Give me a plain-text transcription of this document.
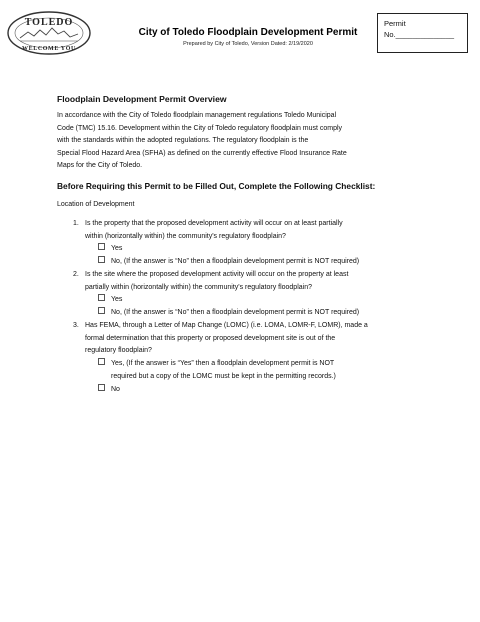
TOLEDO
WELCOME YOU
City of Toledo Floodplain Development Permit
Prepared by City of Toledo, Version Dated: 2/19/2020
Permit
No.______________
Floodplain Development Permit Overview
In accordance with the City of Toledo floodplain management regulations Toledo Municipal
Code (TMC) 15.16. Development within the City of Toledo regulatory floodplain must comply
with the standards within the adopted regulations. The regulatory floodplain is the
Special Flood Hazard Area (SFHA) as defined on the currently effective Flood Insurance Rate
Maps for the City of Toledo.
Before Requiring this Permit to be Filled Out, Complete the Following Checklist:
Location of Development
1. Is the property that the proposed development activity will occur on at least partially
within (horizontally within) the community's regulatory floodplain?
Yes
No, (If the answer is “No” then a floodplain development permit is NOT required)
2. Is the site where the proposed development activity will occur on the property at least
partially within (horizontally within) the community's regulatory floodplain?
Yes
No, (If the answer is “No” then a floodplain development permit is NOT required)
3. Has FEMA, through a Letter of Map Change (LOMC) (i.e. LOMA, LOMR-F, LOMR), made a
formal determination that this property or proposed development site is out of the
regulatory floodplain?
Yes, (If the answer is “Yes” then a floodplain development permit is NOT
required but a copy of the LOMC must be kept in the permitting records.)
No
